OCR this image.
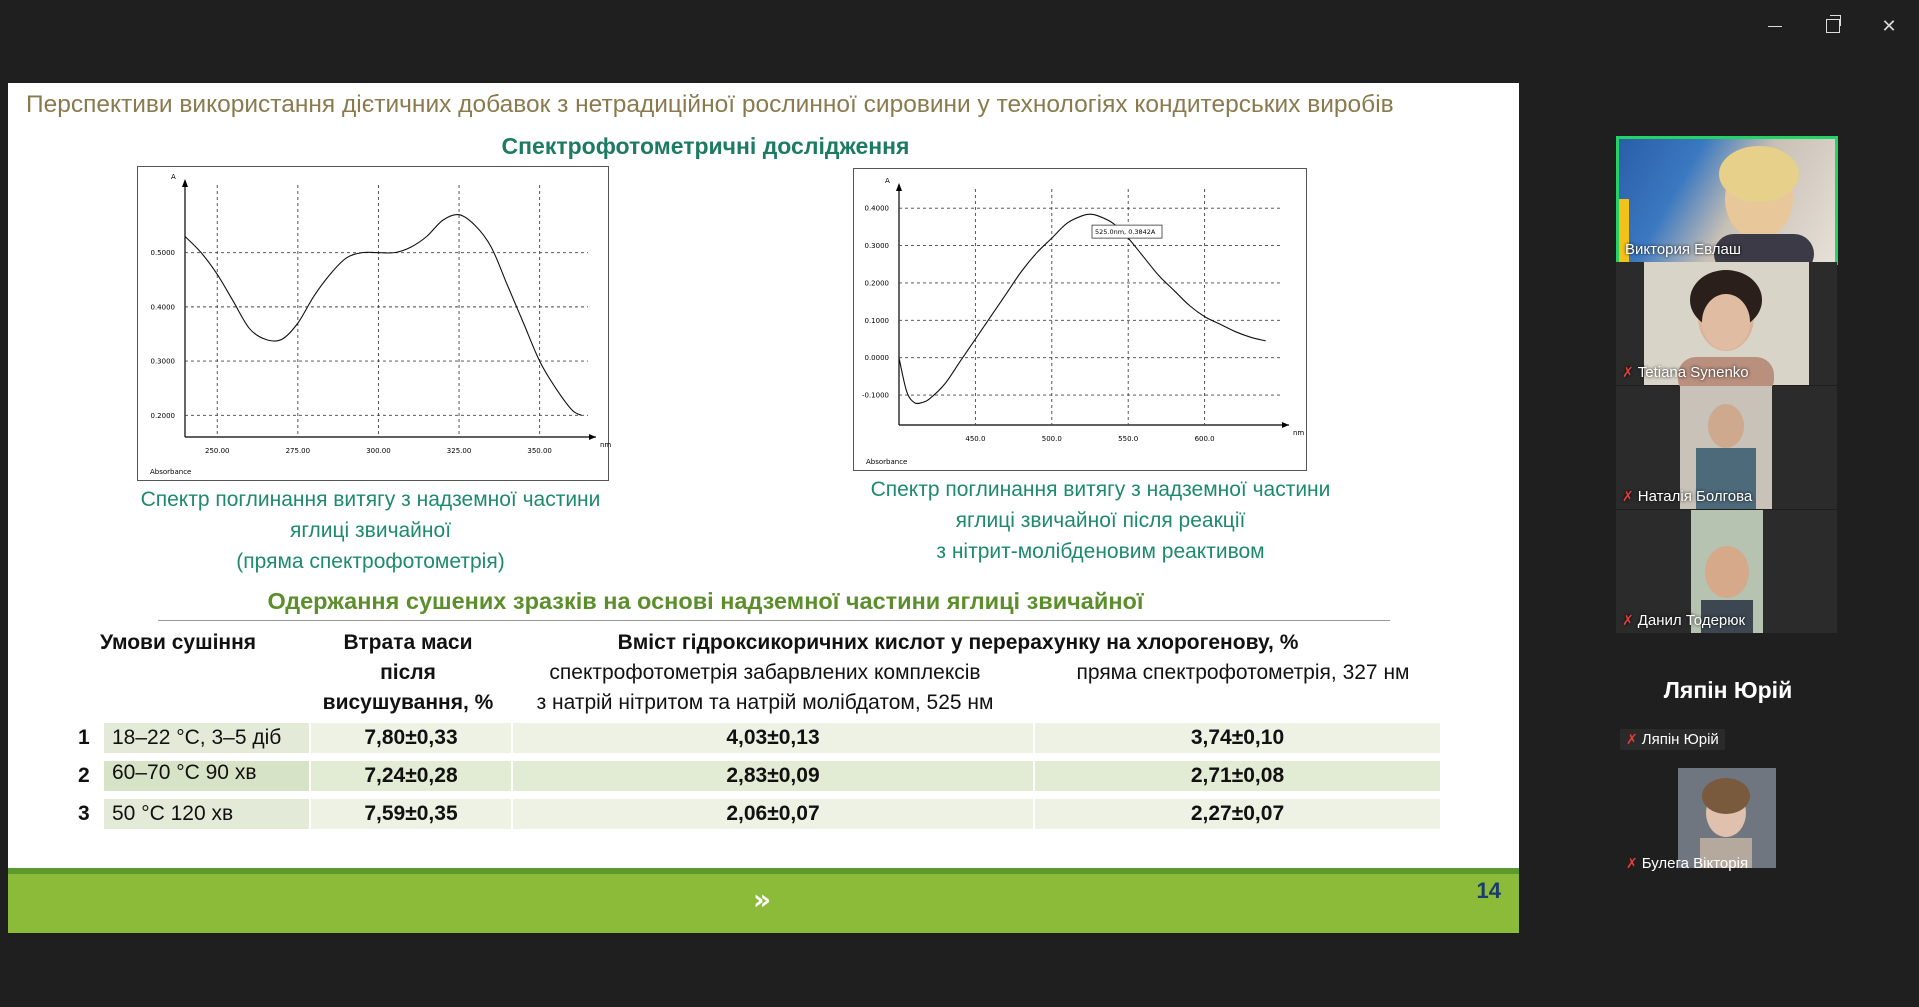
✕
Перспективи використання дієтичних добавок з нетрадиційної рослинної сировини у технологіях кондитерських виробів
Спектрофотометричні дослідження
250.00	275.00	300.00	325.00	350.00
0.2000
0.3000
0.4000
0.5000
A
nm
Absorbance
450.0	500.0	550.0	600.0
-0.1000
0.0000
0.1000
0.2000
0.3000
0.4000
A
nm
Absorbance
525.0nm, 0.3842A
Спектр поглинання витягу з надземної частини
яглиці звичайної
(пряма спектрофотометрія)
Спектр поглинання витягу з надземної частини
яглиці звичайної після реакції
з нітрит-молібденовим реактивом
Одержання сушених зразків на основі надземної частини яглиці звичайної
Умови сушіння	Втрата маси
після
висушування, %
Вміст гідроксикоричних кислот у перерахунку на хлорогенову, %
спектрофотометрія забарвлених комплексів
з натрій нітритом та натрій молібдатом, 525 нм
пряма спектрофотометрія, 327 нм
1	18–22 °С, 3–5 діб	7,80±0,33	4,03±0,13	3,74±0,10
2	60–70 °С 90 хв	7,24±0,28	2,83±0,09	2,71±0,08
3	50 °С 120 хв	7,59±0,35	2,06±0,07	2,27±0,07
»	14
Виктория Евлаш
✗ Tetiana Synenko
✗ Наталія Болгова
✗ Данил Тодерюк
Ляпін Юрій
✗ Ляпін Юрій
✗ Булега Вікторія
